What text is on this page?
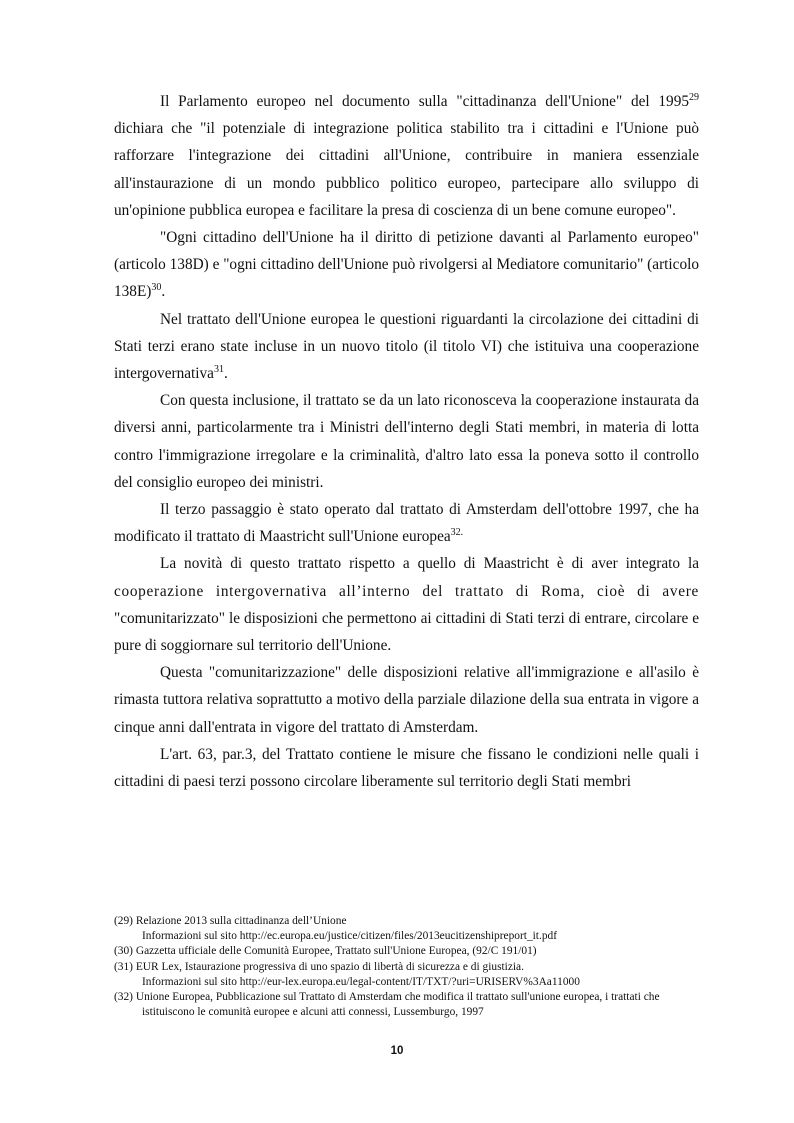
Il Parlamento europeo nel documento sulla "cittadinanza dell'Unione" del 1995$^{29}$ dichiara che "il potenziale di integrazione politica stabilito tra i cittadini e l'Unione può rafforzare l'integrazione dei cittadini all'Unione, contribuire in maniera essenziale all'instaurazione di un mondo pubblico politico europeo, partecipare allo sviluppo di un'opinione pubblica europea e facilitare la presa di coscienza di un bene comune europeo".

"Ogni cittadino dell'Unione ha il diritto di petizione davanti al Parlamento europeo" (articolo 138D) e "ogni cittadino dell'Unione può rivolgersi al Mediatore comunitario" (articolo 138E)$^{30}$.

Nel trattato dell'Unione europea le questioni riguardanti la circolazione dei cittadini di Stati terzi erano state incluse in un nuovo titolo (il titolo VI) che istituiva una cooperazione intergovernativa$^{31}$.

Con questa inclusione, il trattato se da un lato riconosceva la cooperazione instaurata da diversi anni, particolarmente tra i Ministri dell'interno degli Stati membri, in materia di lotta contro l'immigrazione irregolare e la criminalità, d'altro lato essa la poneva sotto il controllo del consiglio europeo dei ministri.

Il terzo passaggio è stato operato dal trattato di Amsterdam dell'ottobre 1997, che ha modificato il trattato di Maastricht sull'Unione europea$^{32.}$

La novità di questo trattato rispetto a quello di Maastricht è di aver integrato la cooperazione intergovernativa all’interno del trattato di Roma, cioè di avere "comunitarizzato" le disposizioni che permettono ai cittadini di Stati terzi di entrare, circolare e pure di soggiornare sul territorio dell'Unione.

Questa "comunitarizzazione" delle disposizioni relative all'immigrazione e all'asilo è rimasta tuttora relativa soprattutto a motivo della parziale dilazione della sua entrata in vigore a cinque anni dall'entrata in vigore del trattato di Amsterdam.

L'art. 63, par.3, del Trattato contiene le misure che fissano le condizioni nelle quali i cittadini di paesi terzi possono circolare liberamente sul territorio degli Stati membri

(29) Relazione 2013 sulla cittadinanza dell’Unione
Informazioni sul sito http://ec.europa.eu/justice/citizen/files/2013eucitizenshipreport_it.pdf
(30) Gazzetta ufficiale delle Comunità Europee, Trattato sull'Unione Europea, (92/C 191/01)
(31) EUR Lex, Istaurazione progressiva di uno spazio di libertà di sicurezza e di giustizia.
Informazioni sul sito http://eur-lex.europa.eu/legal-content/IT/TXT/?uri=URISERV%3Aa11000
(32) Unione Europea, Pubblicazione sul Trattato di Amsterdam che modifica il trattato sull'unione europea, i trattati che istituiscono le comunità europee e alcuni atti connessi, Lussemburgo, 1997
10
